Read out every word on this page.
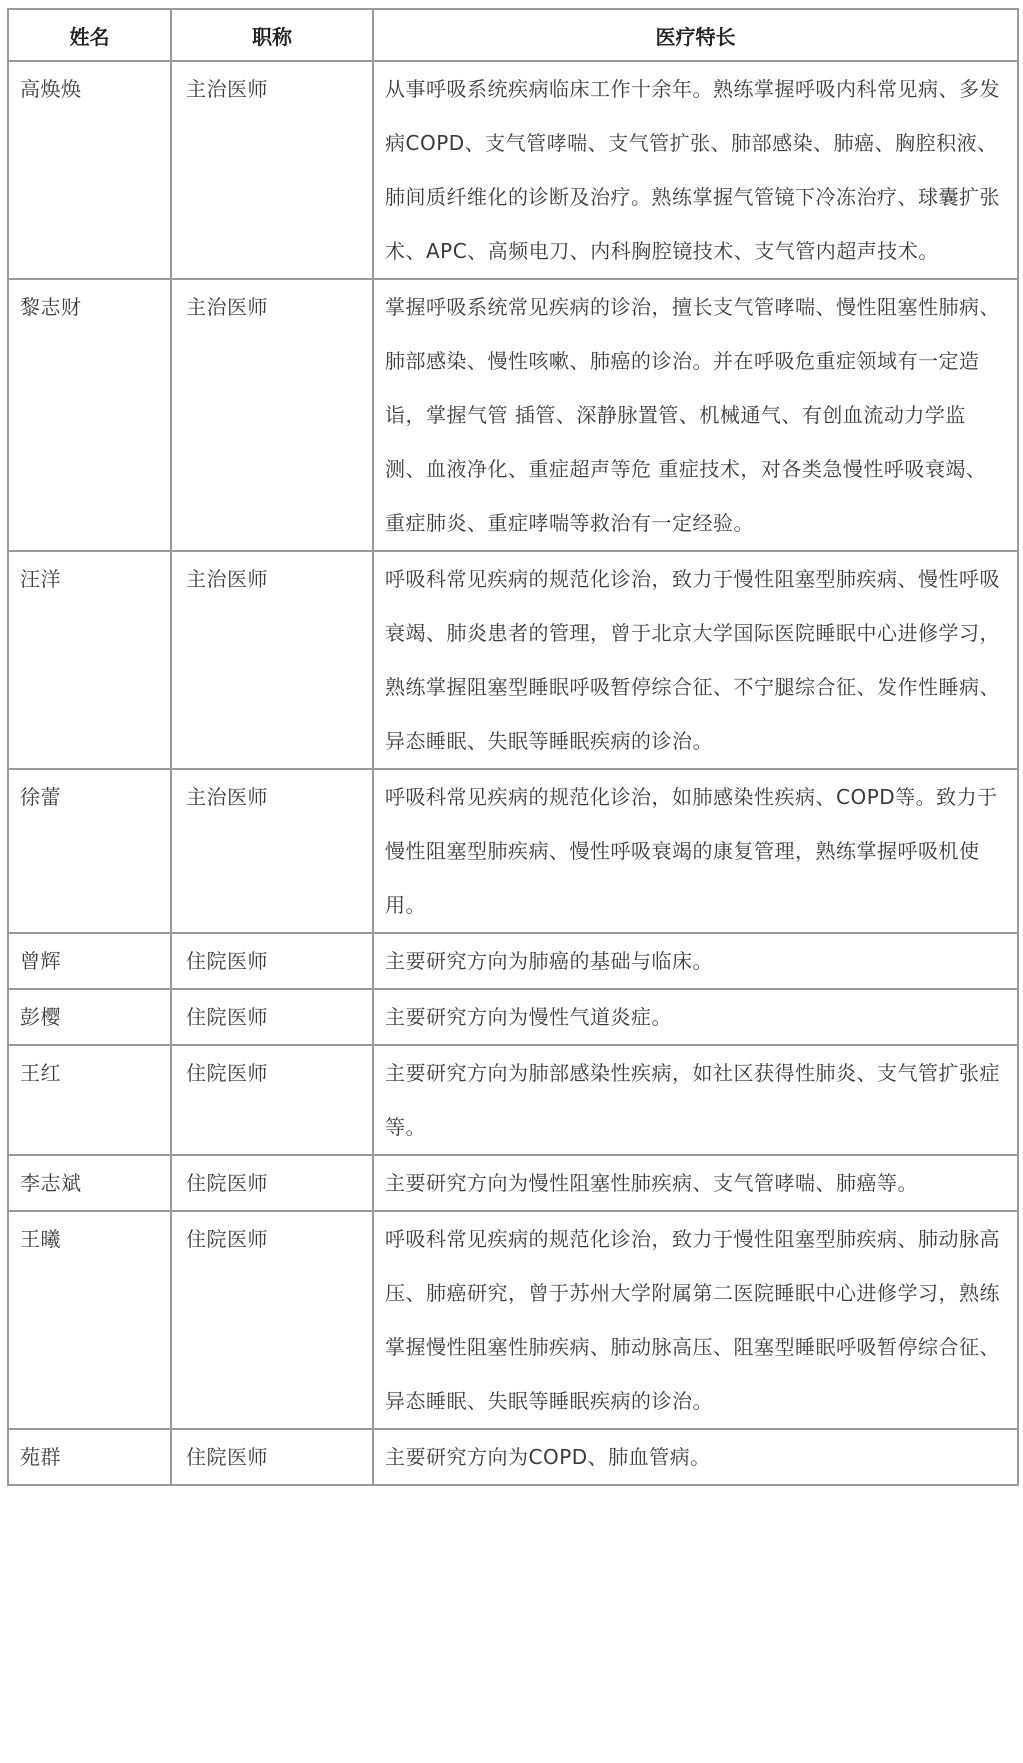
姓名	职称	医疗特长
高焕焕	主治医师	从事呼吸系统疾病临床工作十余年。熟练掌握呼吸内科常见病、多发病COPD、支气管哮喘、支气管扩张、肺部感染、肺癌、胸腔积液、肺间质纤维化的诊断及治疗。熟练掌握气管镜下冷冻治疗、球囊扩张术、APC、高频电刀、内科胸腔镜技术、支气管内超声技术。
黎志财	主治医师	掌握呼吸系统常见疾病的诊治，擅长支气管哮喘、慢性阻塞性肺病、 肺部感染、慢性咳嗽、肺癌的诊治。并在呼吸危重症领域有一定造诣，掌握气管 插管、深静脉置管、机械通气、有创血流动力学监测、血液净化、重症超声等危 重症技术，对各类急慢性呼吸衰竭、重症肺炎、重症哮喘等救治有一定经验。
汪洋	主治医师	呼吸科常见疾病的规范化诊治，致力于慢性阻塞型肺疾病、慢性呼吸衰竭、肺炎患者的管理，曾于北京大学国际医院睡眠中心进修学习，熟练掌握阻塞型睡眠呼吸暂停综合征、不宁腿综合征、发作性睡病、异态睡眠、失眠等睡眠疾病的诊治。
徐蕾	主治医师	呼吸科常见疾病的规范化诊治，如肺感染性疾病、COPD等。致力于慢性阻塞型肺疾病、慢性呼吸衰竭的康复管理，熟练掌握呼吸机使用。
曾辉	住院医师	主要研究方向为肺癌的基础与临床。
彭樱	住院医师	主要研究方向为慢性气道炎症。
王红	住院医师	主要研究方向为肺部感染性疾病，如社区获得性肺炎、支气管扩张症等。
李志斌	住院医师	主要研究方向为慢性阻塞性肺疾病、支气管哮喘、肺癌等。
王曦	住院医师	呼吸科常见疾病的规范化诊治，致力于慢性阻塞型肺疾病、肺动脉高压、肺癌研究，曾于苏州大学附属第二医院睡眠中心进修学习，熟练掌握慢性阻塞性肺疾病、肺动脉高压、阻塞型睡眠呼吸暂停综合征、异态睡眠、失眠等睡眠疾病的诊治。
苑群	住院医师	主要研究方向为COPD、肺血管病。
